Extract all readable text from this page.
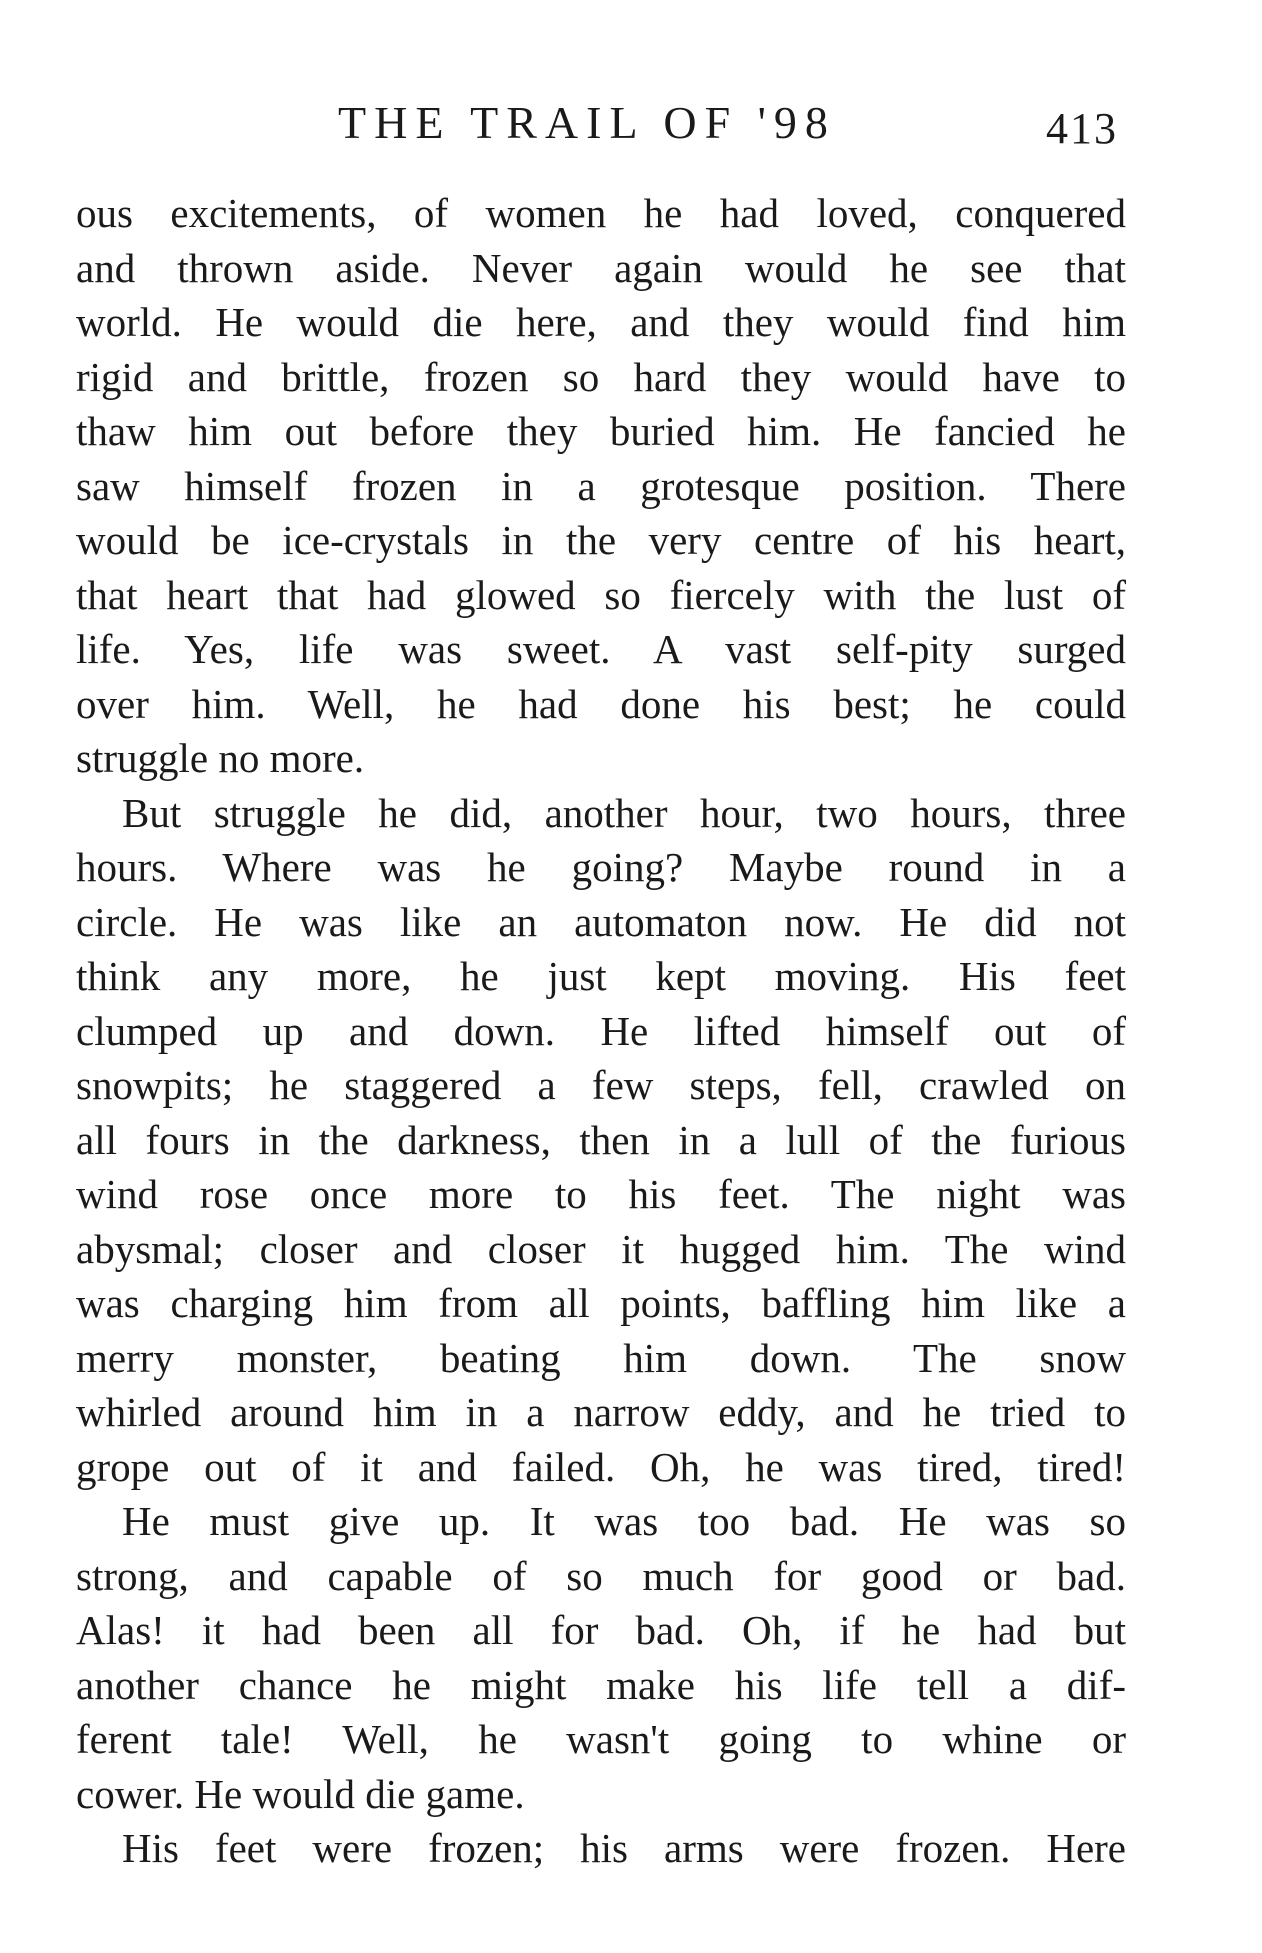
THE TRAIL OF '98	413
ous excitements, of women he had loved, conquered
and thrown aside. Never again would he see that
world. He would die here, and they would find him
rigid and brittle, frozen so hard they would have to
thaw him out before they buried him. He fancied he
saw himself frozen in a grotesque position. There
would be ice-crystals in the very centre of his heart,
that heart that had glowed so fiercely with the lust of
life. Yes, life was sweet. A vast self-pity surged
over him. Well, he had done his best; he could
struggle no more.
But struggle he did, another hour, two hours, three
hours. Where was he going? Maybe round in a
circle. He was like an automaton now. He did not
think any more, he just kept moving. His feet
clumped up and down. He lifted himself out of
snowpits; he staggered a few steps, fell, crawled on
all fours in the darkness, then in a lull of the furious
wind rose once more to his feet. The night was
abysmal; closer and closer it hugged him. The wind
was charging him from all points, baffling him like a
merry monster, beating him down. The snow
whirled around him in a narrow eddy, and he tried to
grope out of it and failed. Oh, he was tired, tired!
He must give up. It was too bad. He was so
strong, and capable of so much for good or bad.
Alas! it had been all for bad. Oh, if he had but
another chance he might make his life tell a dif-
ferent tale! Well, he wasn't going to whine or
cower. He would die game.
His feet were frozen; his arms were frozen. Here
